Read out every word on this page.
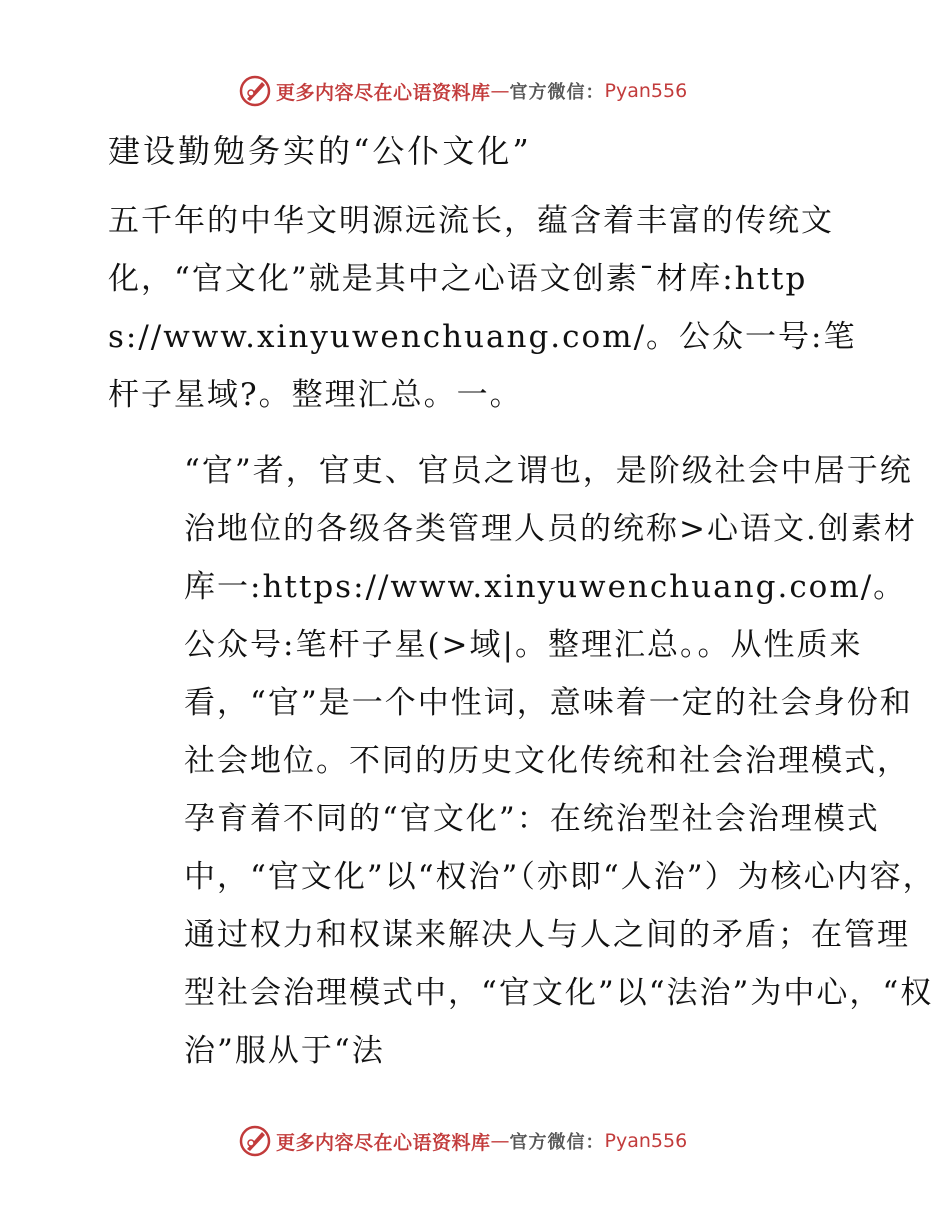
更多内容尽在心语资料库 — 官方微信： Pyan556
建设勤勉务实的“公仆文化”

五千年的中华文明源远流长，蕴含着丰富的传统文化，“官文化”就是其中之心语文创素ˉ材库:https://www.xinyuwenchuang.com/。公众一号:笔杆子星域?。整理汇总。一。

“官”者，官吏、官员之谓也，是阶级社会中居于统治地位的各级各类管理人员的统称>心语文.创素材库一:https://www.xinyuwenchuang.com/。公众号:笔杆子星(>域|。整理汇总。。从性质来看，“官”是一个中性词，意味着一定的社会身份和社会地位。不同的历史文化传统和社会治理模式，孕育着不同的“官文化”：在统治型社会治理模式中，“官文化”以“权治”（亦即“人治”）为核心内容，通过权力和权谋来解决人与人之间的矛盾；在管理型社会治理模式中，“官文化”以“法治”为中心，“权治”服从于“法

更多内容尽在心语资料库 — 官方微信： Pyan556
